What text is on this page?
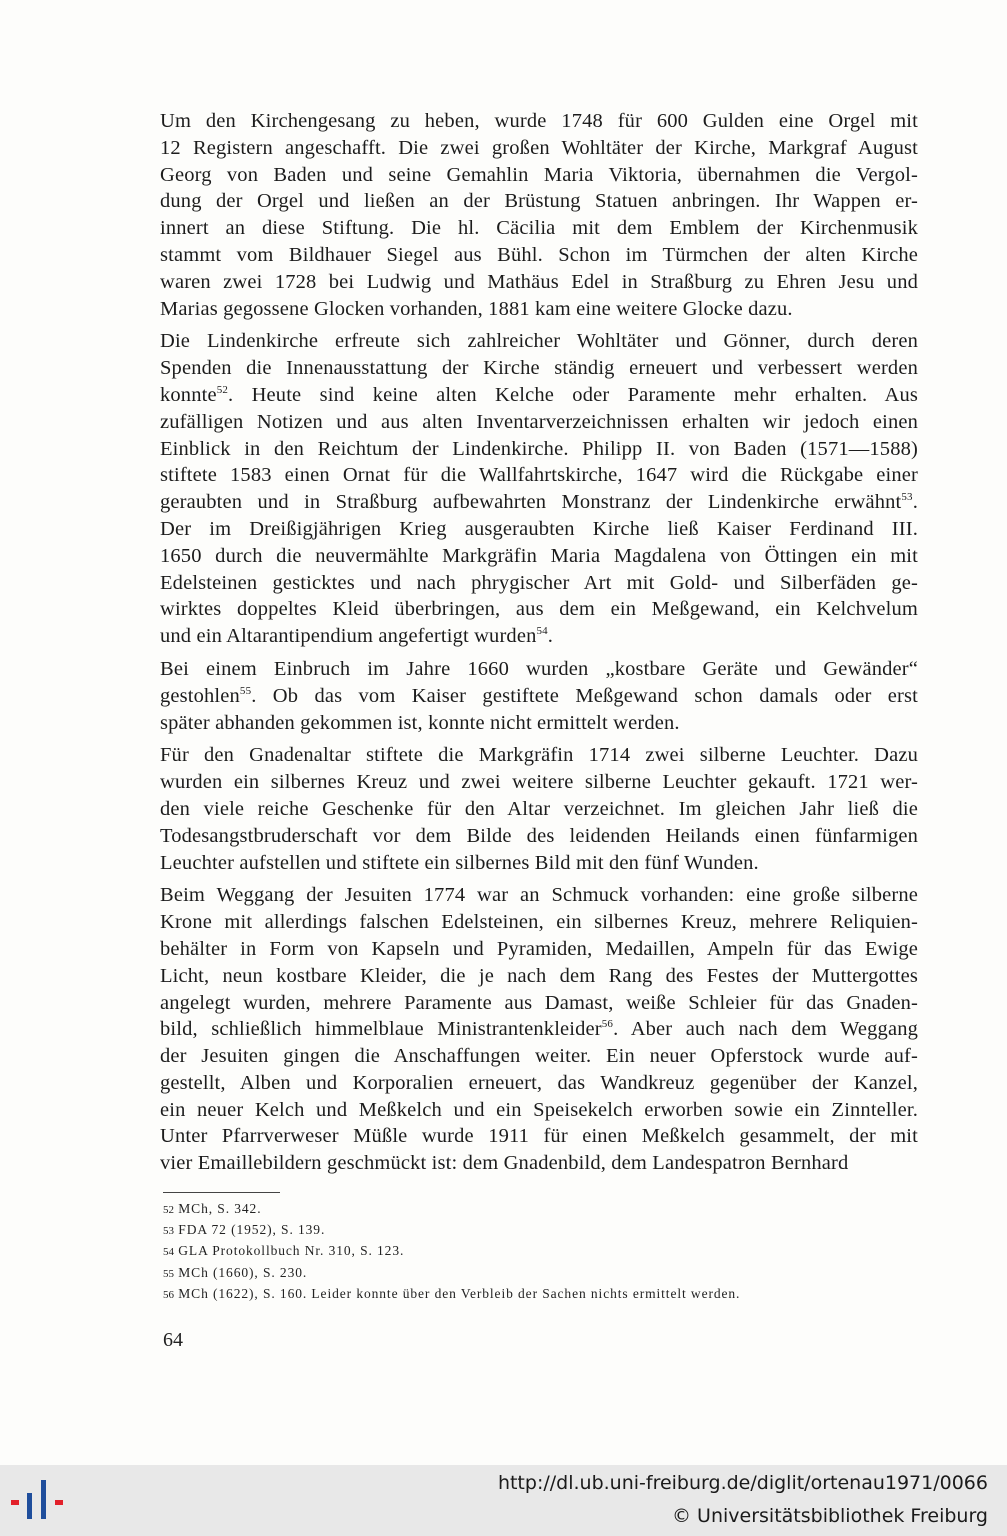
Um den Kirchengesang zu heben, wurde 1748 für 600 Gulden eine Orgel mit
12 Registern angeschafft. Die zwei großen Wohltäter der Kirche, Markgraf August
Georg von Baden und seine Gemahlin Maria Viktoria, übernahmen die Vergol-
dung der Orgel und ließen an der Brüstung Statuen anbringen. Ihr Wappen er-
innert an diese Stiftung. Die hl. Cäcilia mit dem Emblem der Kirchenmusik
stammt vom Bildhauer Siegel aus Bühl. Schon im Türmchen der alten Kirche
waren zwei 1728 bei Ludwig und Mathäus Edel in Straßburg zu Ehren Jesu und
Marias gegossene Glocken vorhanden, 1881 kam eine weitere Glocke dazu.

Die Lindenkirche erfreute sich zahlreicher Wohltäter und Gönner, durch deren
Spenden die Innenausstattung der Kirche ständig erneuert und verbessert werden
konnte$^{52}$. Heute sind keine alten Kelche oder Paramente mehr erhalten. Aus
zufälligen Notizen und aus alten Inventarverzeichnissen erhalten wir jedoch einen
Einblick in den Reichtum der Lindenkirche. Philipp II. von Baden (1571—1588)
stiftete 1583 einen Ornat für die Wallfahrtskirche, 1647 wird die Rückgabe einer
geraubten und in Straßburg aufbewahrten Monstranz der Lindenkirche erwähnt$^{53}$.
Der im Dreißigjährigen Krieg ausgeraubten Kirche ließ Kaiser Ferdinand III.
1650 durch die neuvermählte Markgräfin Maria Magdalena von Öttingen ein mit
Edelsteinen gesticktes und nach phrygischer Art mit Gold- und Silberfäden ge-
wirktes doppeltes Kleid überbringen, aus dem ein Meßgewand, ein Kelchvelum
und ein Altarantipendium angefertigt wurden$^{54}$.

Bei einem Einbruch im Jahre 1660 wurden „kostbare Geräte und Gewänder“
gestohlen$^{55}$. Ob das vom Kaiser gestiftete Meßgewand schon damals oder erst
später abhanden gekommen ist, konnte nicht ermittelt werden.

Für den Gnadenaltar stiftete die Markgräfin 1714 zwei silberne Leuchter. Dazu
wurden ein silbernes Kreuz und zwei weitere silberne Leuchter gekauft. 1721 wer-
den viele reiche Geschenke für den Altar verzeichnet. Im gleichen Jahr ließ die
Todesangstbruderschaft vor dem Bilde des leidenden Heilands einen fünfarmigen
Leuchter aufstellen und stiftete ein silbernes Bild mit den fünf Wunden.

Beim Weggang der Jesuiten 1774 war an Schmuck vorhanden: eine große silberne
Krone mit allerdings falschen Edelsteinen, ein silbernes Kreuz, mehrere Reliquien-
behälter in Form von Kapseln und Pyramiden, Medaillen, Ampeln für das Ewige
Licht, neun kostbare Kleider, die je nach dem Rang des Festes der Muttergottes
angelegt wurden, mehrere Paramente aus Damast, weiße Schleier für das Gnaden-
bild, schließlich himmelblaue Ministrantenkleider$^{56}$. Aber auch nach dem Weggang
der Jesuiten gingen die Anschaffungen weiter. Ein neuer Opferstock wurde auf-
gestellt, Alben und Korporalien erneuert, das Wandkreuz gegenüber der Kanzel,
ein neuer Kelch und Meßkelch und ein Speisekelch erworben sowie ein Zinnteller.
Unter Pfarrverweser Müßle wurde 1911 für einen Meßkelch gesammelt, der mit
vier Emaillebildern geschmückt ist: dem Gnadenbild, dem Landespatron Bernhard

52 MCh, S. 342.
53 FDA 72 (1952), S. 139.
54 GLA Protokollbuch Nr. 310, S. 123.
55 MCh (1660), S. 230.
56 MCh (1622), S. 160. Leider konnte über den Verbleib der Sachen nichts ermittelt werden.
64
http://dl.ub.uni-freiburg.de/diglit/ortenau1971/0066
© Universitätsbibliothek Freiburg
